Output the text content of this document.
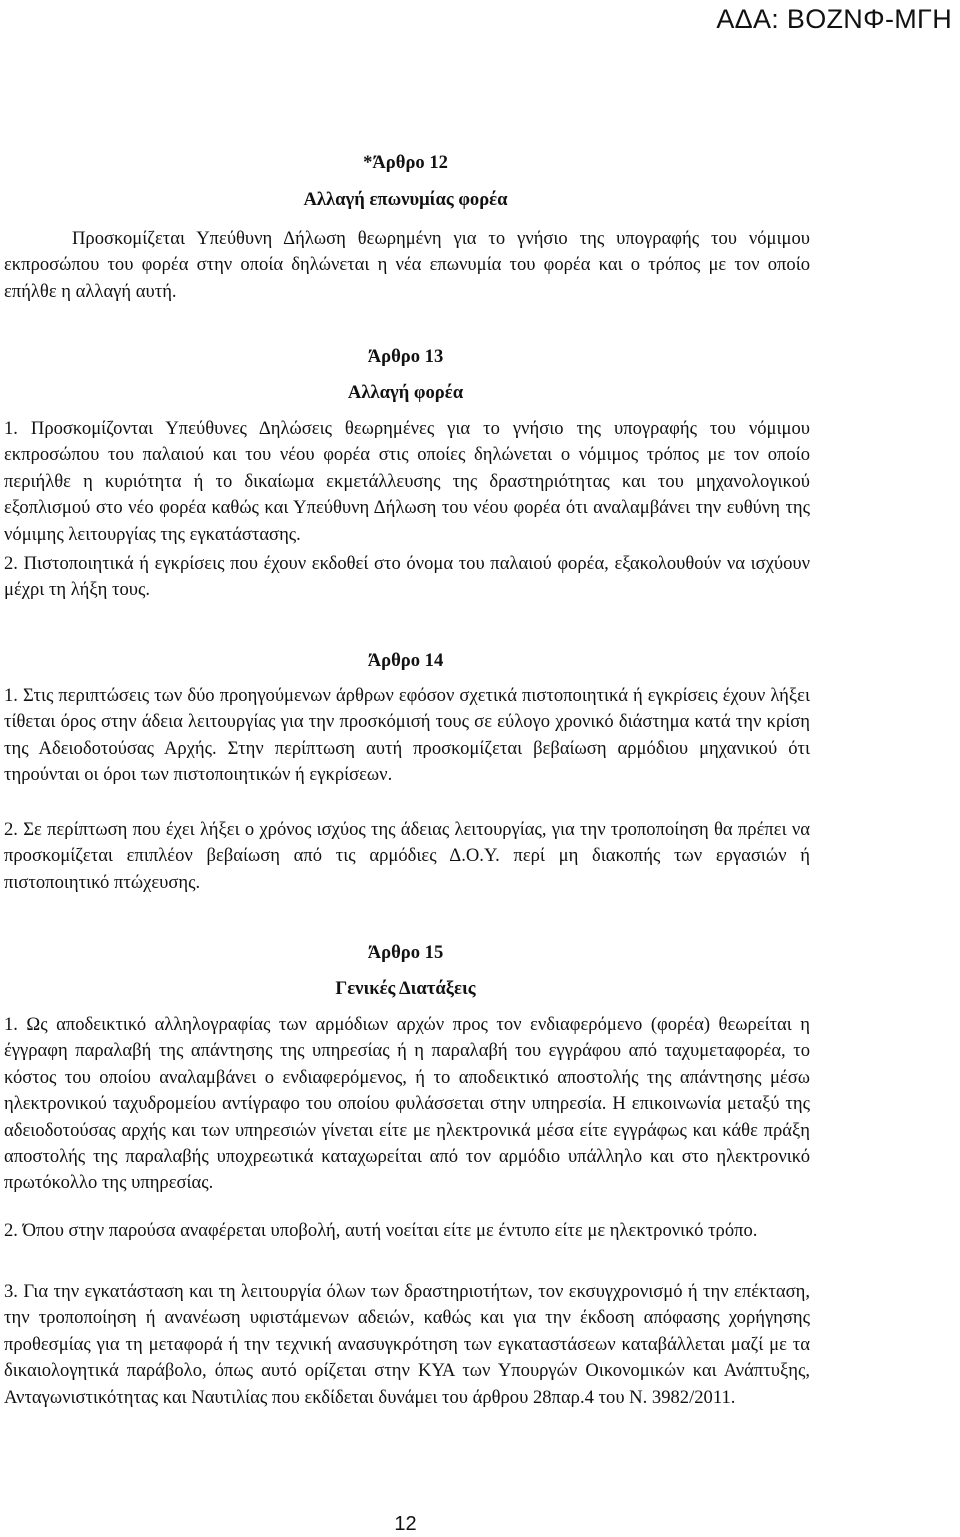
ΑΔΑ: ΒΟΖΝΦ-ΜΓΗ
*Άρθρο 12
Αλλαγή επωνυμίας φορέα

Προσκομίζεται Υπεύθυνη Δήλωση θεωρημένη για το γνήσιο της υπογραφής του νόμιμου εκπροσώπου του φορέα στην οποία δηλώνεται η νέα επωνυμία του φορέα και ο τρόπος με τον οποίο επήλθε η αλλαγή αυτή.

Άρθρο 13
Αλλαγή φορέα

1. Προσκομίζονται Υπεύθυνες Δηλώσεις θεωρημένες για το γνήσιο της υπογραφής του νόμιμου εκπροσώπου του παλαιού και του νέου φορέα στις οποίες δηλώνεται ο νόμιμος τρόπος με τον οποίο περιήλθε η κυριότητα ή το δικαίωμα εκμετάλλευσης της δραστηριότητας και του μηχανολογικού εξοπλισμού στο νέο φορέα καθώς και Υπεύθυνη Δήλωση του νέου φορέα ότι αναλαμβάνει την ευθύνη της νόμιμης λειτουργίας της εγκατάστασης.

2. Πιστοποιητικά ή εγκρίσεις που έχουν εκδοθεί στο όνομα του παλαιού φορέα, εξακολουθούν να ισχύουν μέχρι τη λήξη τους.

Άρθρο 14

1. Στις περιπτώσεις των δύο προηγούμενων άρθρων εφόσον σχετικά πιστοποιητικά ή εγκρίσεις έχουν λήξει τίθεται όρος στην άδεια λειτουργίας για την προσκόμισή τους σε εύλογο χρονικό διάστημα κατά την κρίση της Αδειοδοτούσας Αρχής. Στην περίπτωση αυτή προσκομίζεται βεβαίωση αρμόδιου μηχανικού ότι τηρούνται οι όροι των πιστοποιητικών ή εγκρίσεων.

2. Σε περίπτωση που έχει λήξει ο χρόνος ισχύος της άδειας λειτουργίας, για την τροποποίηση θα πρέπει να προσκομίζεται επιπλέον βεβαίωση από τις αρμόδιες Δ.Ο.Υ. περί μη διακοπής των εργασιών ή πιστοποιητικό πτώχευσης.

Άρθρο 15
Γενικές Διατάξεις

1. Ως αποδεικτικό αλληλογραφίας των αρμόδιων αρχών προς τον ενδιαφερόμενο (φορέα) θεωρείται η έγγραφη παραλαβή της απάντησης της υπηρεσίας ή η παραλαβή του εγγράφου από ταχυμεταφορέα, το κόστος του οποίου αναλαμβάνει ο ενδιαφερόμενος, ή το αποδεικτικό αποστολής της απάντησης μέσω ηλεκτρονικού ταχυδρομείου αντίγραφο του οποίου φυλάσσεται στην υπηρεσία. Η επικοινωνία μεταξύ της αδειοδοτούσας αρχής και των υπηρεσιών γίνεται είτε με ηλεκτρονικά μέσα είτε εγγράφως και κάθε πράξη αποστολής της παραλαβής υποχρεωτικά καταχωρείται από τον αρμόδιο υπάλληλο και στο ηλεκτρονικό πρωτόκολλο της υπηρεσίας.

2. Όπου στην παρούσα αναφέρεται υποβολή, αυτή νοείται είτε με έντυπο είτε με ηλεκτρονικό τρόπο.

3. Για την εγκατάσταση και τη λειτουργία όλων των δραστηριοτήτων, τον εκσυγχρονισμό ή την επέκταση, την τροποποίηση ή ανανέωση υφιστάμενων αδειών, καθώς και για την έκδοση απόφασης χορήγησης προθεσμίας για τη μεταφορά ή την τεχνική ανασυγκρότηση των εγκαταστάσεων καταβάλλεται μαζί με τα δικαιολογητικά παράβολο, όπως αυτό ορίζεται στην ΚΥΑ των Υπουργών Οικονομικών και Ανάπτυξης, Ανταγωνιστικότητας και Ναυτιλίας που εκδίδεται δυνάμει του άρθρου 28παρ.4 του Ν. 3982/2011.

12
